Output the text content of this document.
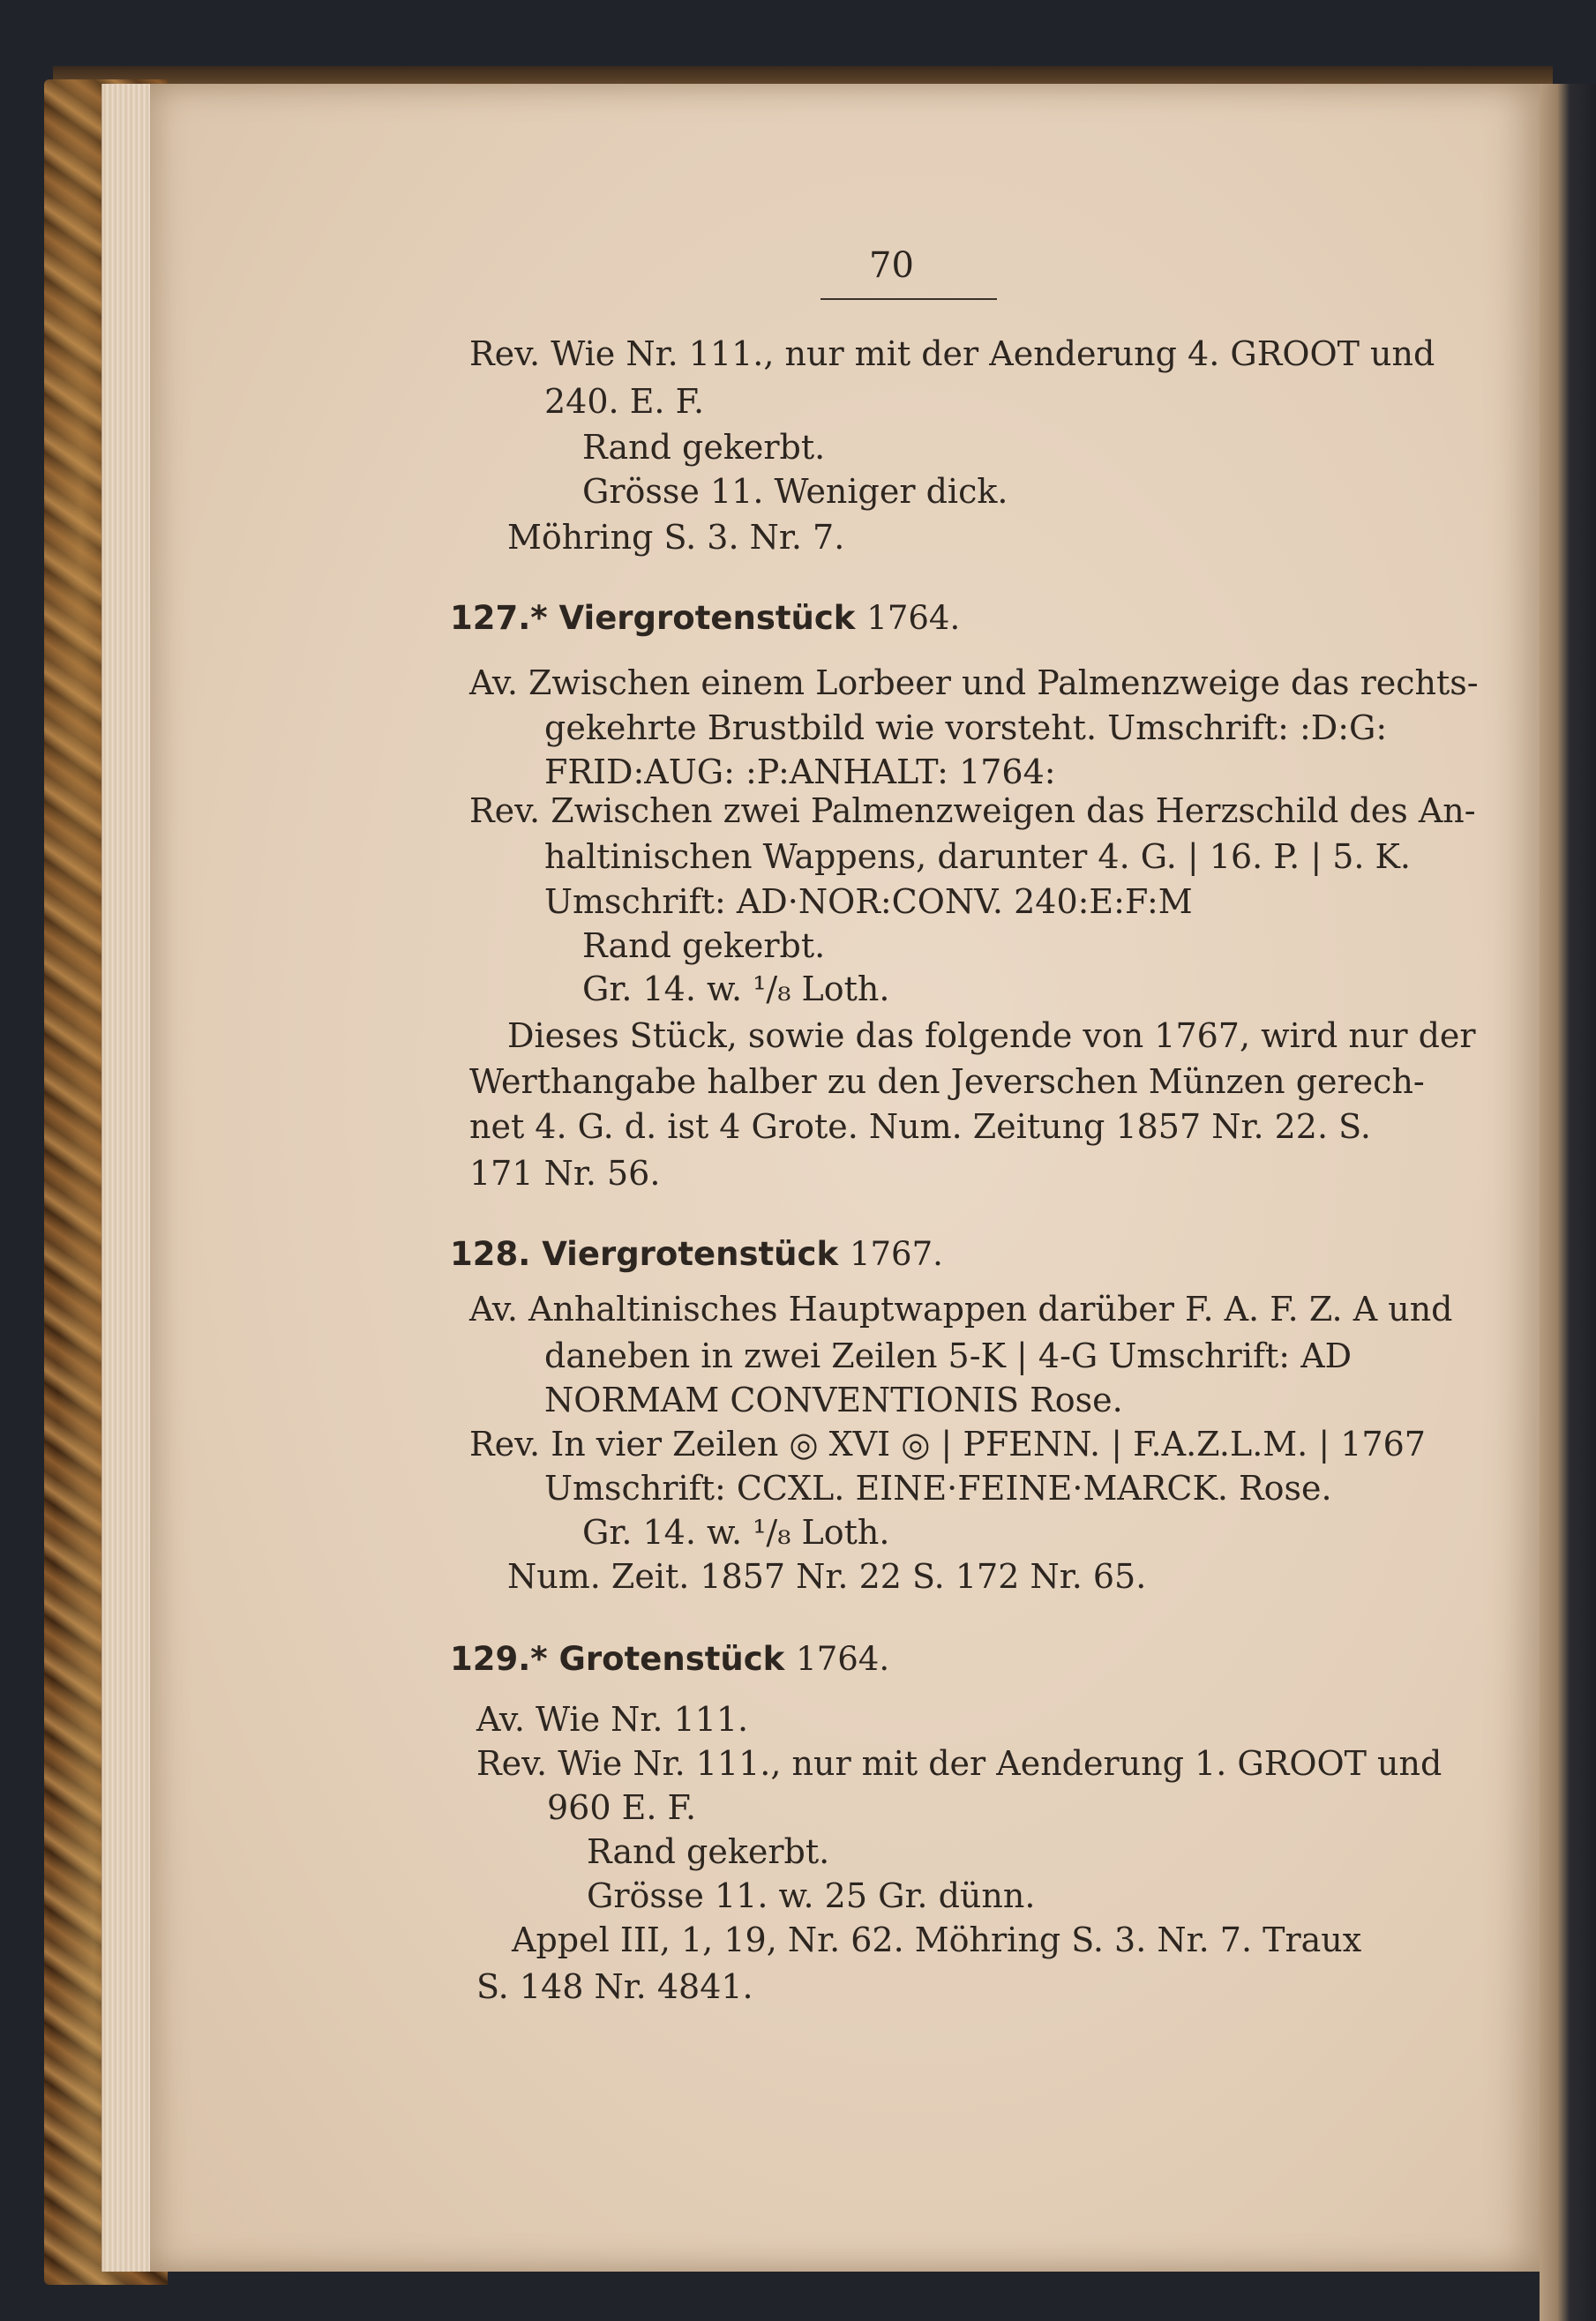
70
Rev. Wie Nr. 111., nur mit der Aenderung 4. GROOT und
240. E. F.
Rand gekerbt.
Grösse 11. Weniger dick.
Möhring S. 3. Nr. 7.
127.* Viergrotenstück 1764.
Av. Zwischen einem Lorbeer und Palmenzweige das rechts-
gekehrte Brustbild wie vorsteht. Umschrift: :D:G:
FRID:AUG: :P:ANHALT: 1764:
Rev. Zwischen zwei Palmenzweigen das Herzschild des An-
haltinischen Wappens, darunter 4. G. | 16. P. | 5. K.
Umschrift: AD·NOR:CONV. 240:E:F:M
Rand gekerbt.
Gr. 14. w. ¹/₈ Loth.
Dieses Stück, sowie das folgende von 1767, wird nur der
Werthangabe halber zu den Jeverschen Münzen gerech-
net 4. G. d. ist 4 Grote. Num. Zeitung 1857 Nr. 22. S.
171 Nr. 56.
128. Viergrotenstück 1767.
Av. Anhaltinisches Hauptwappen darüber F. A. F. Z. A und
daneben in zwei Zeilen 5-K | 4-G Umschrift: AD
NORMAM CONVENTIONIS Rose.
Rev. In vier Zeilen ◎ XVI ◎ | PFENN. | F.A.Z.L.M. | 1767
Umschrift: CCXL. EINE·FEINE·MARCK. Rose.
Gr. 14. w. ¹/₈ Loth.
Num. Zeit. 1857 Nr. 22 S. 172 Nr. 65.
129.* Grotenstück 1764.
Av. Wie Nr. 111.
Rev. Wie Nr. 111., nur mit der Aenderung 1. GROOT und
960 E. F.
Rand gekerbt.
Grösse 11. w. 25 Gr. dünn.
Appel III, 1, 19, Nr. 62. Möhring S. 3. Nr. 7. Traux
S. 148 Nr. 4841.
